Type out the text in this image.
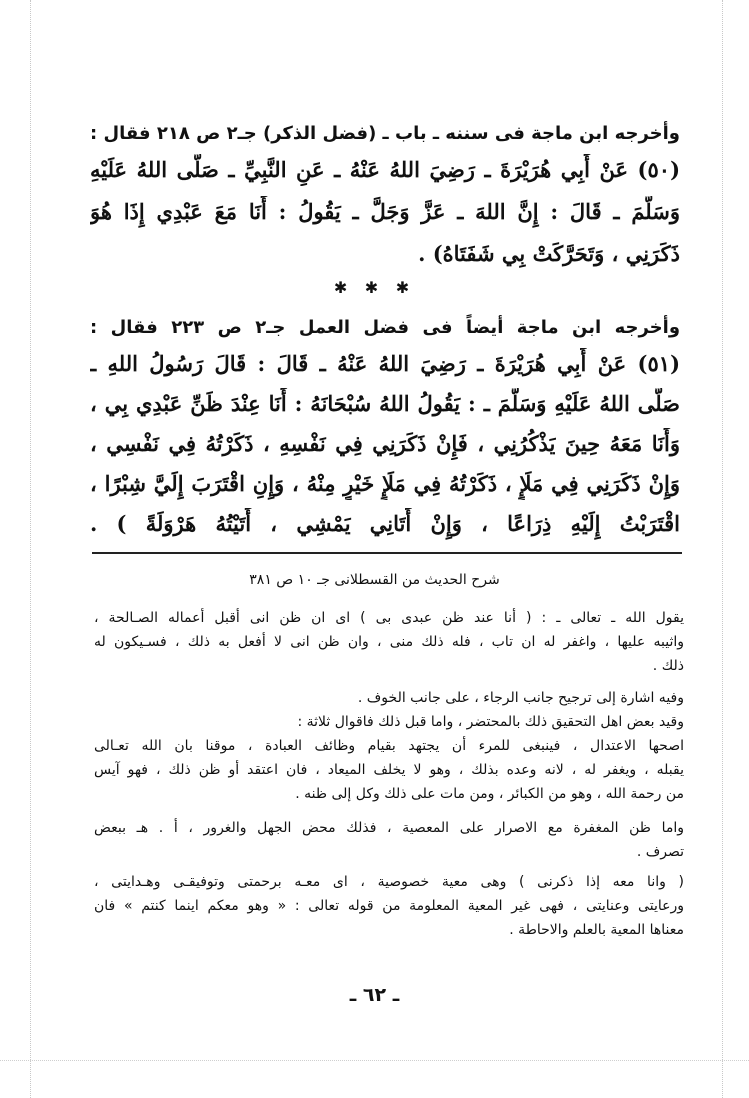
وأخرجه ابن ماجة فى سننه ـ باب ـ (فضل الذكر) جـ٢ ص ٢١٨ فقال :
(٥٠) عَنْ أَبِي هُرَيْرَةَ ـ رَضِيَ اللهُ عَنْهُ ـ عَنِ النَّبِيِّ ـ صَلَّى اللهُ عَلَيْهِ
وَسَلَّمَ ـ قَالَ : إِنَّ اللهَ ـ عَزَّ وَجَلَّ ـ يَقُولُ : أَنَا مَعَ عَبْدِي إِذَا هُوَ
ذَكَرَنِي ، وَتَحَرَّكَتْ بِي شَفَتَاهُ) .
✱ ✱ ✱
وأخرجه ابن ماجة أيضاً فى فضل العمل جـ٢ ص ٢٢٣ فقال :
(٥١) عَنْ أَبِي هُرَيْرَةَ ـ رَضِيَ اللهُ عَنْهُ ـ قَالَ : قَالَ رَسُولُ اللهِ ـ
صَلَّى اللهُ عَلَيْهِ وَسَلَّمَ ـ : يَقُولُ اللهُ سُبْحَانَهُ : أَنَا عِنْدَ ظَنِّ عَبْدِي بِي ،
وَأَنَا مَعَهُ حِينَ يَذْكُرُنِي ، فَإِنْ ذَكَرَنِي فِي نَفْسِهِ ، ذَكَرْتُهُ فِي نَفْسِي ،
وَإِنْ ذَكَرَنِي فِي مَلَإٍ ، ذَكَرْتُهُ فِي مَلَإٍ خَيْرٍ مِنْهُ ، وَإِنِ اقْتَرَبَ إِلَيَّ شِبْرًا ،
اقْتَرَبْتُ إِلَيْهِ ذِرَاعًا ، وَإِنْ أَتَانِي يَمْشِي ، أَتَيْتُهُ هَرْوَلَةً ) .
شرح الحديث من القسطلانى جـ ١٠ ص ٣٨١
يقول الله ـ تعالى ـ : ( أنا عند ظن عبدى بى ) اى ان ظن انى أقبل أعماله الصـالحة ،
واثيبه عليها ، واغفر له ان تاب ، فله ذلك منى ، وان ظن انى لا أفعل به ذلك ، فسـيكون له
ذلك .
وفيه اشارة إلى ترجيح جانب الرجاء ، على جانب الخوف .
وقيد بعض اهل التحقيق ذلك بالمحتضر ، واما قبل ذلك فاقوال ثلاثة :
اصحها الاعتدال ، فينبغى للمرء أن يجتهد بقيام وظائف العبادة ، موقنا بان الله تعـالى
يقبله ، ويغفر له ، لانه وعده بذلك ، وهو لا يخلف الميعاد ، فان اعتقد أو ظن ذلك ، فهو آيس
من رحمة الله ، وهو من الكبائر ، ومن مات على ذلك وكل إلى ظنه .
واما ظن المغفرة مع الاصرار على المعصية ، فذلك محض الجهل والغرور ، أ . هـ ببعض
تصرف .
( وانا معه إذا ذكرنى ) وهى معية خصوصية ، اى معـه برحمتى وتوفيقـى وهـدايتى ،
ورعايتى وعنايتى ، فهى غير المعية المعلومة من قوله تعالى : « وهو معكم اينما كنتم » فان
معناها المعية بالعلم والاحاطة .
ـ ٦٢ ـ
